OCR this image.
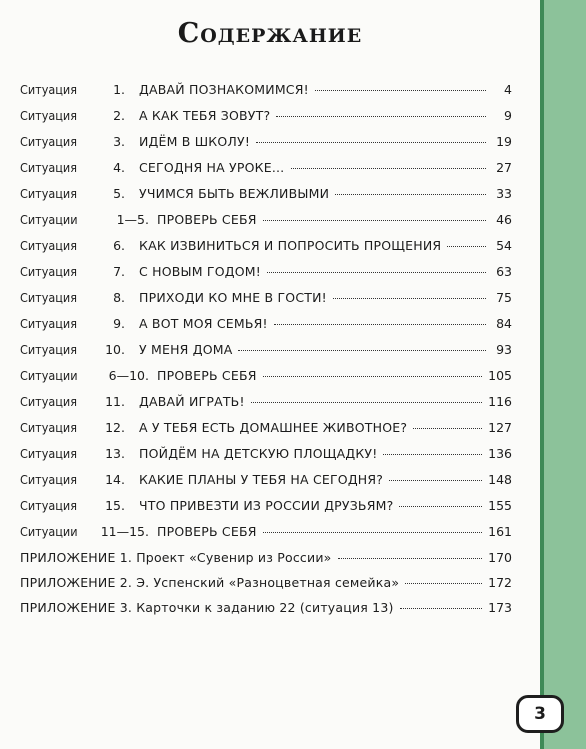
Содержание
Ситуация	1.	ДАВАЙ ПОЗНАКОМИМСЯ!	4
Ситуация	2.	А КАК ТЕБЯ ЗОВУТ?	9
Ситуация	3.	ИДЁМ В ШКОЛУ!	19
Ситуация	4.	СЕГОДНЯ НА УРОКЕ…	27
Ситуация	5.	УЧИМСЯ БЫТЬ ВЕЖЛИВЫМИ	33
Ситуации	1—5. ПРОВЕРЬ СЕБЯ	46
Ситуация	6.	КАК ИЗВИНИТЬСЯ И ПОПРОСИТЬ ПРОЩЕНИЯ	54
Ситуация	7.	С НОВЫМ ГОДОМ!	63
Ситуация	8.	ПРИХОДИ КО МНЕ В ГОСТИ!	75
Ситуация	9.	А ВОТ МОЯ СЕМЬЯ!	84
Ситуация	10.	У МЕНЯ ДОМА	93
Ситуации	6—10. ПРОВЕРЬ СЕБЯ	105
Ситуация	11.	ДАВАЙ ИГРАТЬ!	116
Ситуация	12.	А У ТЕБЯ ЕСТЬ ДОМАШНЕЕ ЖИВОТНОЕ?	127
Ситуация	13.	ПОЙДЁМ НА ДЕТСКУЮ ПЛОЩАДКУ!	136
Ситуация	14.	КАКИЕ ПЛАНЫ У ТЕБЯ НА СЕГОДНЯ?	148
Ситуация	15.	ЧТО ПРИВЕЗТИ ИЗ РОССИИ ДРУЗЬЯМ?	155
Ситуации	11—15. ПРОВЕРЬ СЕБЯ	161
ПРИЛОЖЕНИЕ 1. Проект «Сувенир из России»	170
ПРИЛОЖЕНИЕ 2. Э. Успенский «Разноцветная семейка»	172
ПРИЛОЖЕНИЕ 3. Карточки к заданию 22 (ситуация 13)	173
3
